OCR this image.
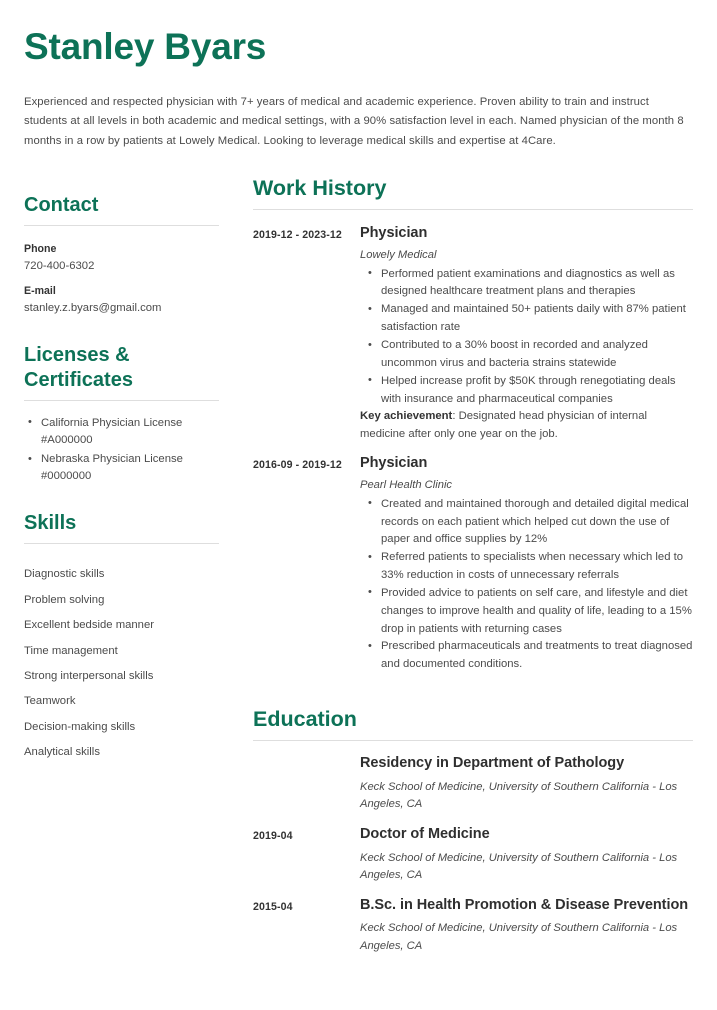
Stanley Byars

Experienced and respected physician with 7+ years of medical and academic experience. Proven ability to train and instruct students at all levels in both academic and medical settings, with a 90% satisfaction level in each. Named physician of the month 8 months in a row by patients at Lowely Medical. Looking to leverage medical skills and expertise at 4Care.

Contact
Phone
720-400-6302
E-mail
stanley.z.byars@gmail.com
Licenses & Certificates
• California Physician License #A000000
• Nebraska Physician License #0000000
Skills
Diagnostic skills
Problem solving
Excellent bedside manner
Time management
Strong interpersonal skills
Teamwork
Decision-making skills
Analytical skills
Work History
2019-12 - 2023-12	Physician
Lowely Medical
• Performed patient examinations and diagnostics as well as designed healthcare treatment plans and therapies
• Managed and maintained 50+ patients daily with 87% patient satisfaction rate
• Contributed to a 30% boost in recorded and analyzed uncommon virus and bacteria strains statewide
• Helped increase profit by $50K through renegotiating deals with insurance and pharmaceutical companies
Key achievement: Designated head physician of internal medicine after only one year on the job.
2016-09 - 2019-12	Physician
Pearl Health Clinic
• Created and maintained thorough and detailed digital medical records on each patient which helped cut down the use of paper and office supplies by 12%
• Referred patients to specialists when necessary which led to 33% reduction in costs of unnecessary referrals
• Provided advice to patients on self care, and lifestyle and diet changes to improve health and quality of life, leading to a 15% drop in patients with returning cases
• Prescribed pharmaceuticals and treatments to treat diagnosed and documented conditions.
Education
Residency in Department of Pathology
Keck School of Medicine, University of Southern California - Los Angeles, CA
2019-04	Doctor of Medicine
Keck School of Medicine, University of Southern California - Los Angeles, CA
2015-04	B.Sc. in Health Promotion & Disease Prevention
Keck School of Medicine, University of Southern California - Los Angeles, CA
